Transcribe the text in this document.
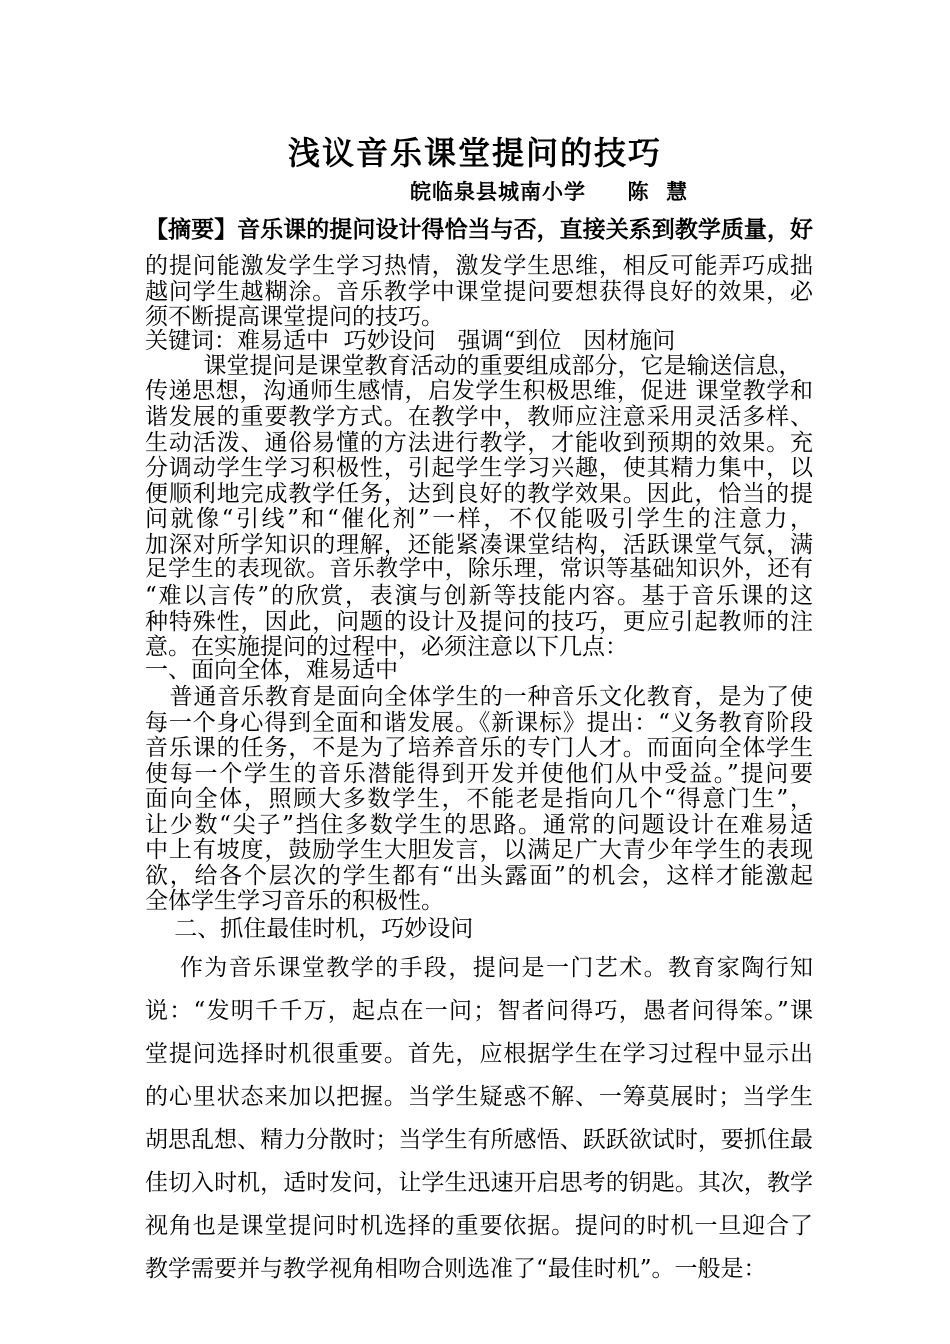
浅议音乐课堂提问的技巧
皖临泉县城南小学     陈  慧
【摘要】音乐课的提问设计得恰当与否，直接关系到教学质量，好
的提问能激发学生学习热情，激发学生思维，相反可能弄巧成拙
越问学生越糊涂。音乐教学中课堂提问要想获得良好的效果，必
须不断提高课堂提问的技巧。
关键词：难易适中  巧妙设问   强调“到位   因材施问
课堂提问是课堂教育活动的重要组成部分，它是输送信息，
传递思想，沟通师生感情，启发学生积极思维，促进 课堂教学和
谐发展的重要教学方式。在教学中，教师应注意采用灵活多样、
生动活泼、通俗易懂的方法进行教学，才能收到预期的效果。充
分调动学生学习积极性，引起学生学习兴趣，使其精力集中，以
便顺利地完成教学任务，达到良好的教学效果。因此，恰当的提
问就像“引线”和“催化剂”一样，不仅能吸引学生的注意力，
加深对所学知识的理解，还能紧凑课堂结构，活跃课堂气氛，满
足学生的表现欲。音乐教学中，除乐理，常识等基础知识外，还有
“难以言传”的欣赏，表演与创新等技能内容。基于音乐课的这
种特殊性，因此，问题的设计及提问的技巧，更应引起教师的注
意。在实施提问的过程中，必须注意以下几点：
一、面向全体，难易适中
普通音乐教育是面向全体学生的一种音乐文化教育，是为了使
每一个身心得到全面和谐发展。《新课标》提出：“义务教育阶段
音乐课的任务，不是为了培养音乐的专门人才。而面向全体学生
使每一个学生的音乐潜能得到开发并使他们从中受益。”提问要
面向全体，照顾大多数学生，不能老是指向几个“得意门生”，
让少数“尖子”挡住多数学生的思路。通常的问题设计在难易适
中上有坡度，鼓励学生大胆发言，以满足广大青少年学生的表现
欲，给各个层次的学生都有“出头露面”的机会，这样才能激起
全体学生学习音乐的积极性。
二、抓住最佳时机，巧妙设问
作为音乐课堂教学的手段，提问是一门艺术。教育家陶行知
说：“发明千千万，起点在一问；智者问得巧，愚者问得笨。”课
堂提问选择时机很重要。首先，应根据学生在学习过程中显示出
的心里状态来加以把握。当学生疑惑不解、一筹莫展时；当学生
胡思乱想、精力分散时；当学生有所感悟、跃跃欲试时，要抓住最
佳切入时机，适时发问，让学生迅速开启思考的钥匙。其次，教学
视角也是课堂提问时机选择的重要依据。提问的时机一旦迎合了
教学需要并与教学视角相吻合则选准了“最佳时机”。一般是：
